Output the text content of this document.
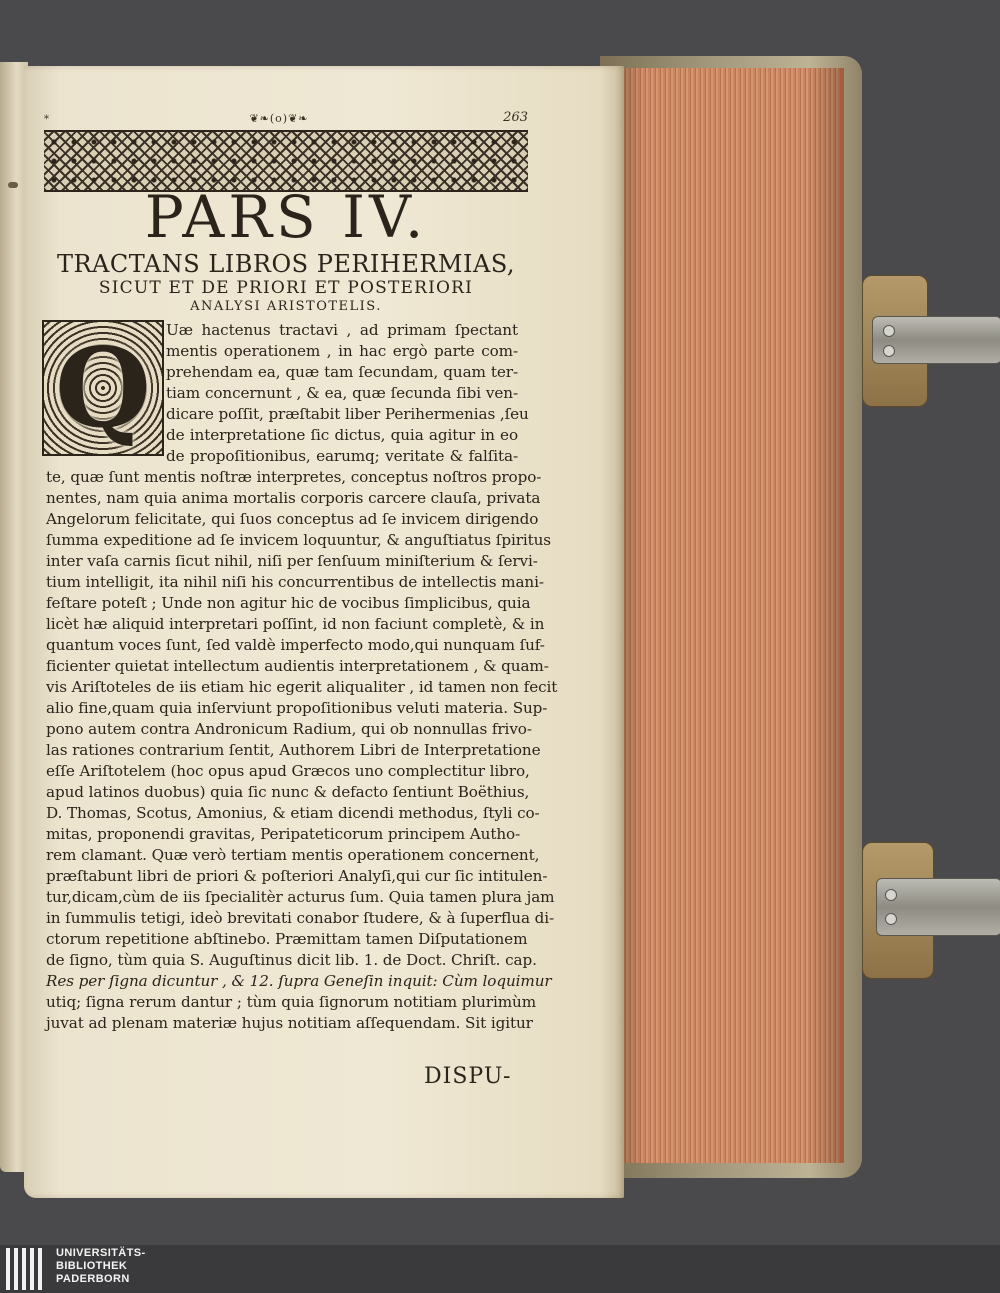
*	❦❧(o)❦❧	263
PARS IV.
TRACTANS LIBROS PERIHERMIAS,
SICUT ET DE PRIORI ET POSTERIORI
ANALYSI ARISTOTELIS.
Q Uæ hactenus tractavi , ad primam ſpectant
mentis operationem , in hac ergò parte com-
prehendam ea, quæ tam ſecundam, quam ter-
tiam concernunt , & ea, quæ ſecunda ſibi ven-
dicare poſſit, præſtabit liber Perihermenias ,ſeu
de interpretatione ſic dictus, quia agitur in eo
de propoſitionibus, earumq; veritate & falſita-
te, quæ ſunt mentis noſtræ interpretes, conceptus noſtros propo-
nentes, nam quia anima mortalis corporis carcere clauſa, privata
Angelorum felicitate, qui ſuos conceptus ad ſe invicem dirigendo
ſumma expeditione ad ſe invicem loquuntur, & anguſtiatus ſpiritus
inter vaſa carnis ſicut nihil, niſi per ſenſuum miniſterium & ſervi-
tium intelligit, ita nihil niſi his concurrentibus de intellectis mani-
feſtare poteſt ; Unde non agitur hic de vocibus ſimplicibus, quia
licèt hæ aliquid interpretari poſſint, id non faciunt completè, & in
quantum voces ſunt, ſed valdè imperfecto modo,qui nunquam ſuf-
ficienter quietat intellectum audientis interpretationem , & quam-
vis Ariſtoteles de iis etiam hic egerit aliqualiter , id tamen non fecit
alio fine,quam quia inſerviunt propoſitionibus veluti materia. Sup-
pono autem contra Andronicum Radium, qui ob nonnullas frivo-
las rationes contrarium ſentit, Authorem Libri de Interpretatione
eſſe Ariſtotelem (hoc opus apud Græcos uno complectitur libro,
apud latinos duobus) quia ſic nunc & defacto ſentiunt Boëthius,
D. Thomas, Scotus, Amonius, & etiam dicendi methodus, ſtyli co-
mitas, proponendi gravitas, Peripateticorum principem Autho-
rem clamant. Quæ verò tertiam mentis operationem concernent,
præſtabunt libri de priori & poſteriori Analyſi,qui cur ſic intitulen-
tur,dicam,cùm de iis ſpecialitèr acturus ſum. Quia tamen plura jam
in ſummulis tetigi, ideò brevitati conabor ſtudere, & à ſuperflua di-
ctorum repetitione abſtinebo. Præmittam tamen Diſputationem
de ſigno, tùm quia S. Auguſtinus dicit lib. 1. de Doct. Chriſt. cap.
Res per ſigna dicuntur , & 12. ſupra Geneſin inquit: Cùm loquimur
utiq; ſigna rerum dantur ; tùm quia ſignorum notitiam plurimùm
juvat ad plenam materiæ hujus notitiam aſſequendam. Sit igitur
DISPU-
UNIVERSITÄTS-
BIBLIOTHEK
PADERBORN
